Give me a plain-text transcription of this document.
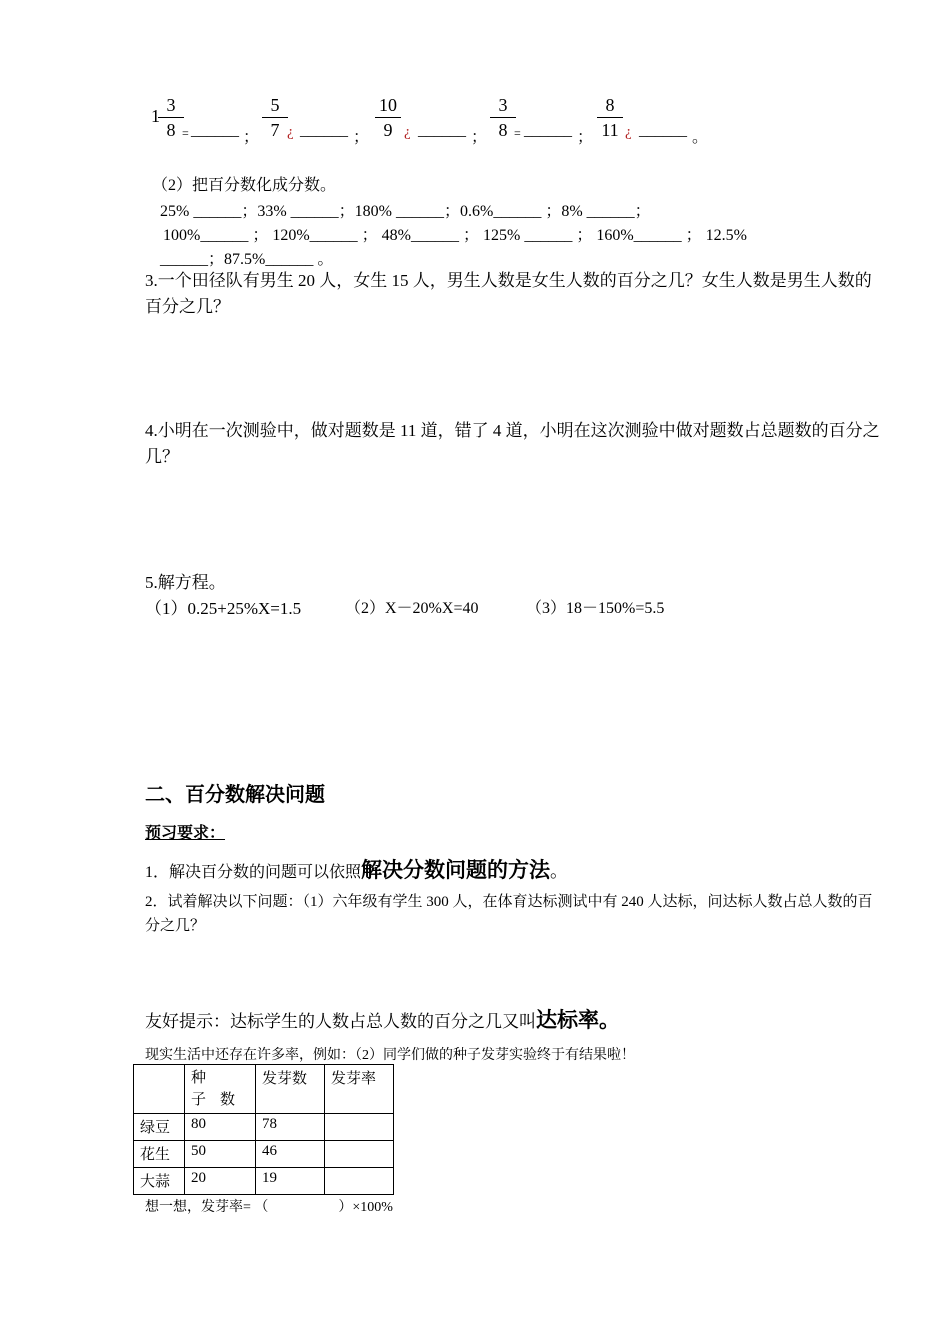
1
3
8 = ______ ；
5
7 ¿ ______ ；
10
9 ¿ ______ ；
3
8 = ______ ；
8
11 ¿ ______ 。
（2）把百分数化成分数。
25% ______；33% ______；180% ______；0.6%______ ；8% ______；
100%______ ； 120%______ ； 48%______ ； 125% ______ ； 160%______ ； 12.5%
______；87.5%______ 。
3.一个田径队有男生 20 人，女生 15 人，男生人数是女生人数的百分之几？女生人数是男生人数的百分之几？
4.小明在一次测验中，做对题数是 11 道，错了 4 道，小明在这次测验中做对题数占总题数的百分之几？
5.解方程。
（1）0.25+25%X=1.5	（2）X－20%X=40	（3）18－150%=5.5
二、百分数解决问题
预习要求：
1．解决百分数的问题可以依照解决分数问题的方法。
2．试着解决以下问题：（1）六年级有学生 300 人，在体育达标测试中有 240 人达标，问达标人数占总人数的百分之几？
友好提示：达标学生的人数占总人数的百分之几又叫达标率。
现实生活中还存在许多率，例如：（2）同学们做的种子发芽实验终于有结果啦！
	种　子数	发芽数	发芽率
绿豆	80	78	
花生	50	46	
大蒜	20	19	
想一想，发芽率= （　　　　　）×100%
